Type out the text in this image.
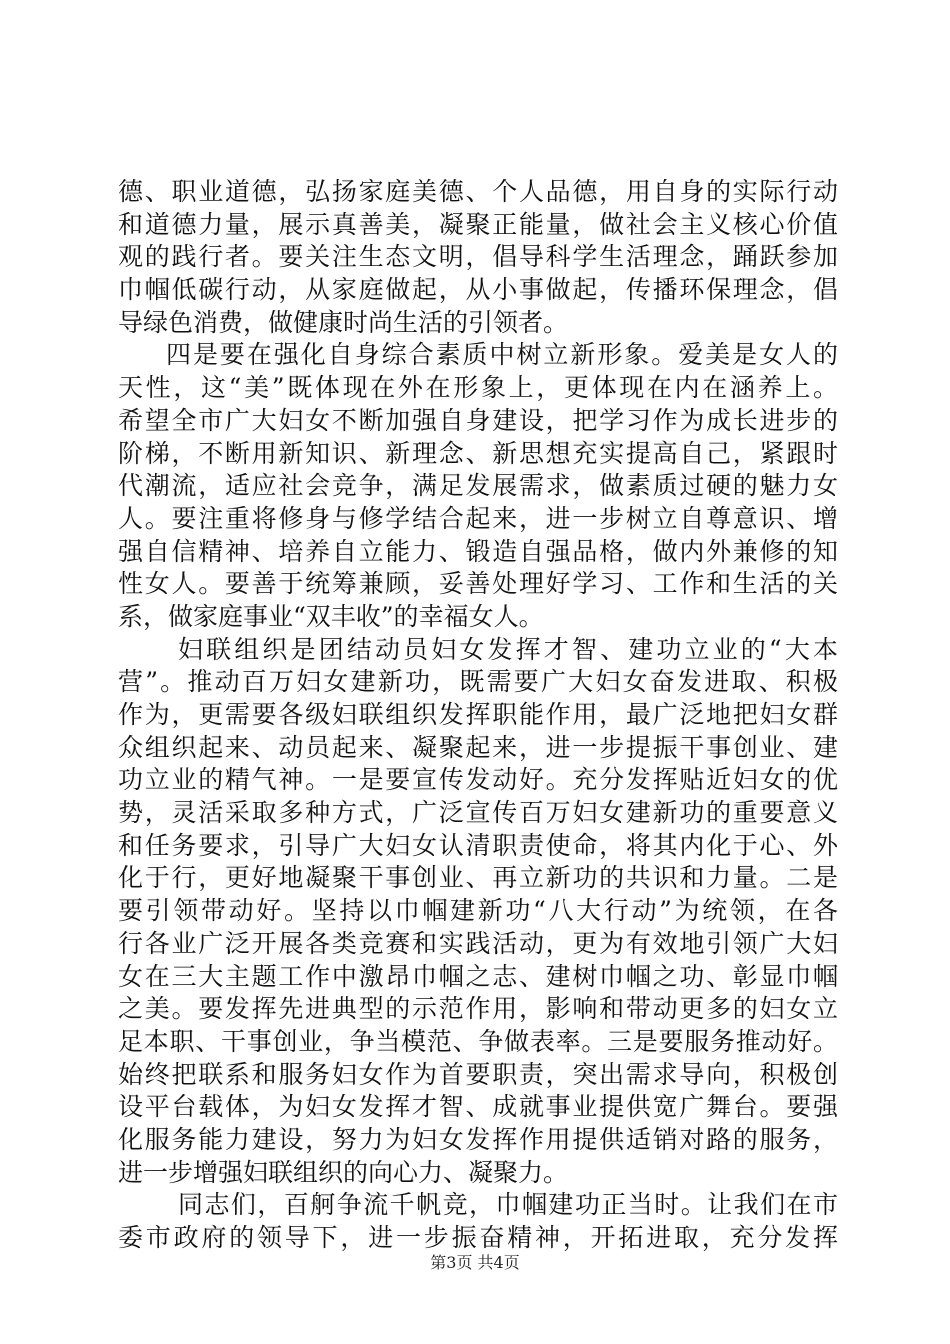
德、职业道德，弘扬家庭美德、个人品德，用自身的实际行动
和道德力量，展示真善美，凝聚正能量，做社会主义核心价值
观的践行者。要关注生态文明，倡导科学生活理念，踊跃参加
巾帼低碳行动，从家庭做起，从小事做起，传播环保理念，倡
导绿色消费，做健康时尚生活的引领者。
四是要在强化自身综合素质中树立新形象。爱美是女人的
天性，这“美”既体现在外在形象上，更体现在内在涵养上。
希望全市广大妇女不断加强自身建设，把学习作为成长进步的
阶梯，不断用新知识、新理念、新思想充实提高自己，紧跟时
代潮流，适应社会竞争，满足发展需求，做素质过硬的魅力女
人。要注重将修身与修学结合起来，进一步树立自尊意识、增
强自信精神、培养自立能力、锻造自强品格，做内外兼修的知
性女人。要善于统筹兼顾，妥善处理好学习、工作和生活的关
系，做家庭事业“双丰收”的幸福女人。
妇联组织是团结动员妇女发挥才智、建功立业的“大本
营”。推动百万妇女建新功，既需要广大妇女奋发进取、积极
作为，更需要各级妇联组织发挥职能作用，最广泛地把妇女群
众组织起来、动员起来、凝聚起来，进一步提振干事创业、建
功立业的精气神。一是要宣传发动好。充分发挥贴近妇女的优
势，灵活采取多种方式，广泛宣传百万妇女建新功的重要意义
和任务要求，引导广大妇女认清职责使命，将其内化于心、外
化于行，更好地凝聚干事创业、再立新功的共识和力量。二是
要引领带动好。坚持以巾帼建新功“八大行动”为统领，在各
行各业广泛开展各类竞赛和实践活动，更为有效地引领广大妇
女在三大主题工作中激昂巾帼之志、建树巾帼之功、彰显巾帼
之美。要发挥先进典型的示范作用，影响和带动更多的妇女立
足本职、干事创业，争当模范、争做表率。三是要服务推动好。
始终把联系和服务妇女作为首要职责，突出需求导向，积极创
设平台载体，为妇女发挥才智、成就事业提供宽广舞台。要强
化服务能力建设，努力为妇女发挥作用提供适销对路的服务，
进一步增强妇联组织的向心力、凝聚力。
同志们，百舸争流千帆竞，巾帼建功正当时。让我们在市
委市政府的领导下，进一步振奋精神，开拓进取，充分发挥
第3页 共4页
